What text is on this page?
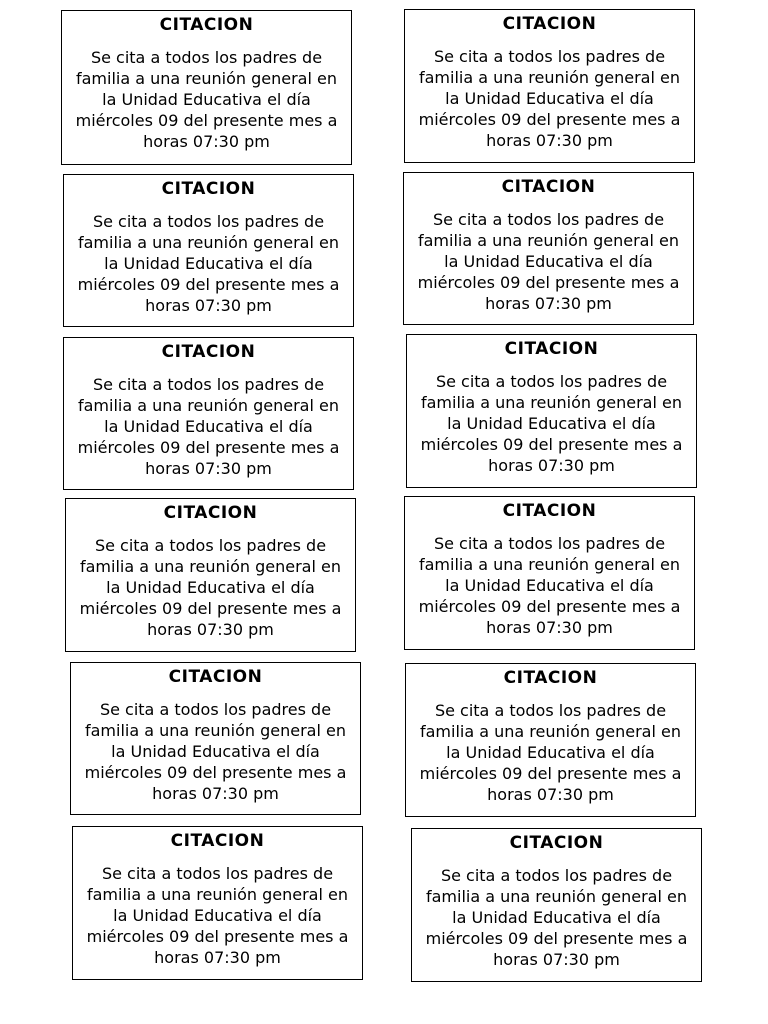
CITACION
Se cita a todos los padres de familia a una reunión general en la Unidad Educativa el día miércoles 09 del presente mes a horas 07:30 pm
CITACION
Se cita a todos los padres de familia a una reunión general en la Unidad Educativa el día miércoles 09 del presente mes a horas 07:30 pm
CITACION
Se cita a todos los padres de familia a una reunión general en la Unidad Educativa el día miércoles 09 del presente mes a horas 07:30 pm
CITACION
Se cita a todos los padres de familia a una reunión general en la Unidad Educativa el día miércoles 09 del presente mes a horas 07:30 pm
CITACION
Se cita a todos los padres de familia a una reunión general en la Unidad Educativa el día miércoles 09 del presente mes a horas 07:30 pm
CITACION
Se cita a todos los padres de familia a una reunión general en la Unidad Educativa el día miércoles 09 del presente mes a horas 07:30 pm
CITACION
Se cita a todos los padres de familia a una reunión general en la Unidad Educativa el día miércoles 09 del presente mes a horas 07:30 pm
CITACION
Se cita a todos los padres de familia a una reunión general en la Unidad Educativa el día miércoles 09 del presente mes a horas 07:30 pm
CITACION
Se cita a todos los padres de familia a una reunión general en la Unidad Educativa el día miércoles 09 del presente mes a horas 07:30 pm
CITACION
Se cita a todos los padres de familia a una reunión general en la Unidad Educativa el día miércoles 09 del presente mes a horas 07:30 pm
CITACION
Se cita a todos los padres de familia a una reunión general en la Unidad Educativa el día miércoles 09 del presente mes a horas 07:30 pm
CITACION
Se cita a todos los padres de familia a una reunión general en la Unidad Educativa el día miércoles 09 del presente mes a horas 07:30 pm
